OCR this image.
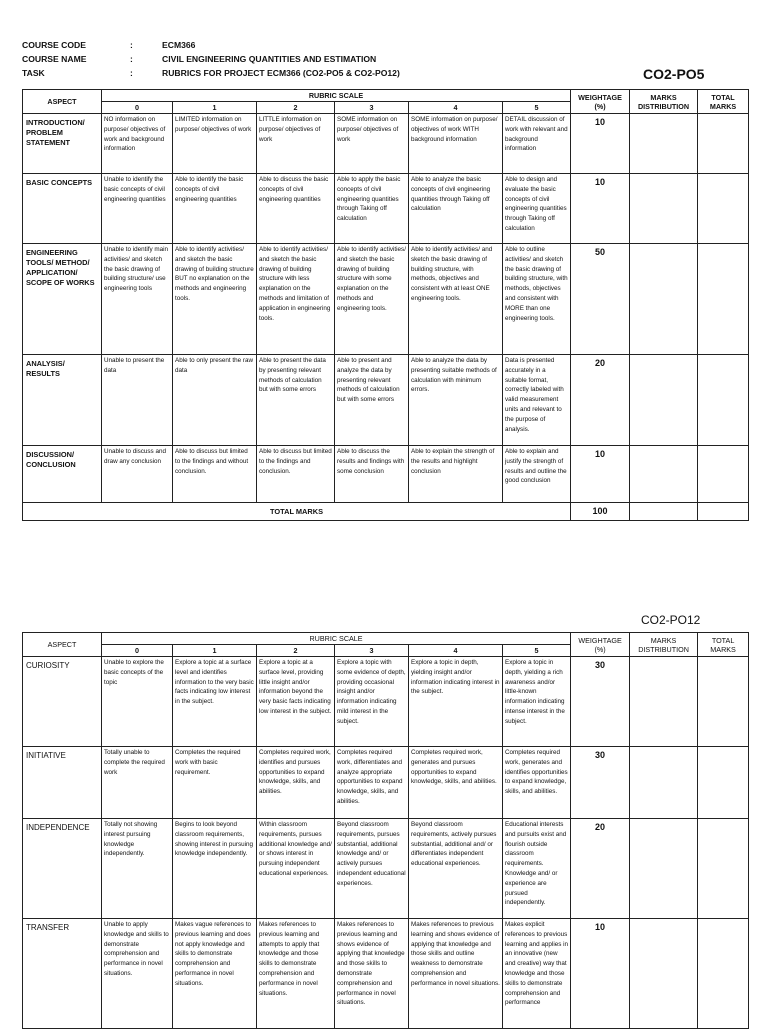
COURSE CODE	:	ECM366
COURSE NAME	:	CIVIL ENGINEERING QUANTITIES AND ESTIMATION
TASK	:	RUBRICS FOR PROJECT ECM366 (CO2-PO5 & CO2-PO12)	CO2-PO5
CO2-PO12
ASPECT	RUBRIC SCALE						WEIGHTAGE (%)	MARKS DISTRIBUTION	TOTAL MARKS
	0	1	2	3	4	5			
INTRODUCTION/ PROBLEM STATEMENT	NO information on purpose/ objectives of work and background information	LIMITED information on purpose/ objectives of work	LITTLE information on purpose/ objectives of work	SOME information on purpose/ objectives of work	SOME information on purpose/ objectives of work WITH background information	DETAIL discussion of work with relevant and background information	10		
BASIC CONCEPTS	Unable to identify the basic concepts of civil engineering quantities	Able to identify the basic concepts of civil engineering quantities	Able to discuss the basic concepts of civil engineering quantities	Able to apply the basic concepts of civil engineering quantities through Taking off calculation	Able to analyze the basic concepts of civil engineering quantities through Taking off calculation	Able to design and evaluate the basic concepts of civil engineering quantities through Taking off calculation	10		
ENGINEERING TOOLS/ METHOD/ APPLICATION/ SCOPE OF WORKS	Unable to identify main activities/ and sketch the basic drawing of building structure/ use engineering tools	Able to identify activities/ and sketch the basic drawing of building structure BUT no explanation on the methods and engineering tools.	Able to identify activities/ and sketch the basic drawing of building structure with less explanation on the methods and limitation of application in engineering tools.	Able to identify activities/ and sketch the basic drawing of building structure with some explanation on the methods and engineering tools.	Able to identify activities/ and sketch the basic drawing of building structure, with methods, objectives and consistent with at least ONE engineering tools.	Able to outline activities/ and sketch the basic drawing of building structure, with methods, objectives and consistent with MORE than one engineering tools.	50		
ANALYSIS/ RESULTS	Unable to present the data	Able to only present the raw data	Able to present the data by presenting relevant methods of calculation but with some errors	Able to present and analyze the data by presenting relevant methods of calculation but with some errors	Able to analyze the data by presenting suitable methods of calculation with minimum errors.	Data is presented accurately in a suitable format, correctly labeled with valid measurement units and relevant to the purpose of analysis.	20		
DISCUSSION/ CONCLUSION	Unable to discuss and draw any conclusion	Able to discuss but limited to the findings and without conclusion.	Able to discuss but limited to the findings and conclusion.	Able to discuss the results and findings with some conclusion	Able to explain the strength of the results and highlight conclusion	Able to explain and justify the strength of results and outline the good conclusion	10		
TOTAL MARKS							100		
ASPECT	RUBRIC SCALE						WEIGHTAGE (%)	MARKS DISTRIBUTION	TOTAL MARKS
	0	1	2	3	4	5			
CURIOSITY	Unable to explore the basic concepts of the topic	Explore a topic at a surface level and identifies information to the very basic facts indicating low interest in the subject.	Explore a topic at a surface level, providing little insight and/or information beyond the very basic facts indicating low interest in the subject.	Explore a topic with some evidence of depth, providing occasional insight and/or information indicating mild interest in the subject.	Explore a topic in depth, yielding insight and/or information indicating interest in the subject.	Explore a topic in depth, yielding a rich awareness and/or little-known information indicating intense interest in the subject.	30		
INITIATIVE	Totally unable to complete the required work	Completes the required work with basic requirement.	Completes required work, identifies and pursues opportunities to expand knowledge, skills, and abilities.	Completes required work, differentiates and analyze appropriate opportunities to expand knowledge, skills, and abilities.	Completes required work, generates and pursues opportunities to expand knowledge, skills, and abilities.	Completes required work, generates and identifies opportunities to expand knowledge, skills, and abilities.	30		
INDEPENDENCE	Totally not showing interest pursuing knowledge independently.	Begins to look beyond classroom requirements, showing interest in pursuing knowledge independently.	Within classroom requirements, pursues additional knowledge and/ or shows interest in pursuing independent educational experiences.	Beyond classroom requirements, pursues substantial, additional knowledge and/ or actively pursues independent educational experiences.	Beyond classroom requirements, actively pursues substantial, additional and/ or differentiates independent educational experiences.	Educational interests and pursuits exist and flourish outside classroom requirements. Knowledge and/ or experience are pursued independently.	20		
TRANSFER	Unable to apply knowledge and skills to demonstrate comprehension and performance in novel situations.	Makes vague references to previous learning and does not apply knowledge and skills to demonstrate comprehension and performance in novel situations.	Makes references to previous learning and attempts to apply that knowledge and those skills to demonstrate comprehension and performance in novel situations.	Makes references to previous learning and shows evidence of applying that knowledge and those skills to demonstrate comprehension and performance in novel situations.	Makes references to previous learning and shows evidence of applying that knowledge and those skills and outline weakness to demonstrate comprehension and performance in novel situations.	Makes explicit references to previous learning and applies in an innovative (new and creative) way that knowledge and those skills to demonstrate comprehension and performance	10		
